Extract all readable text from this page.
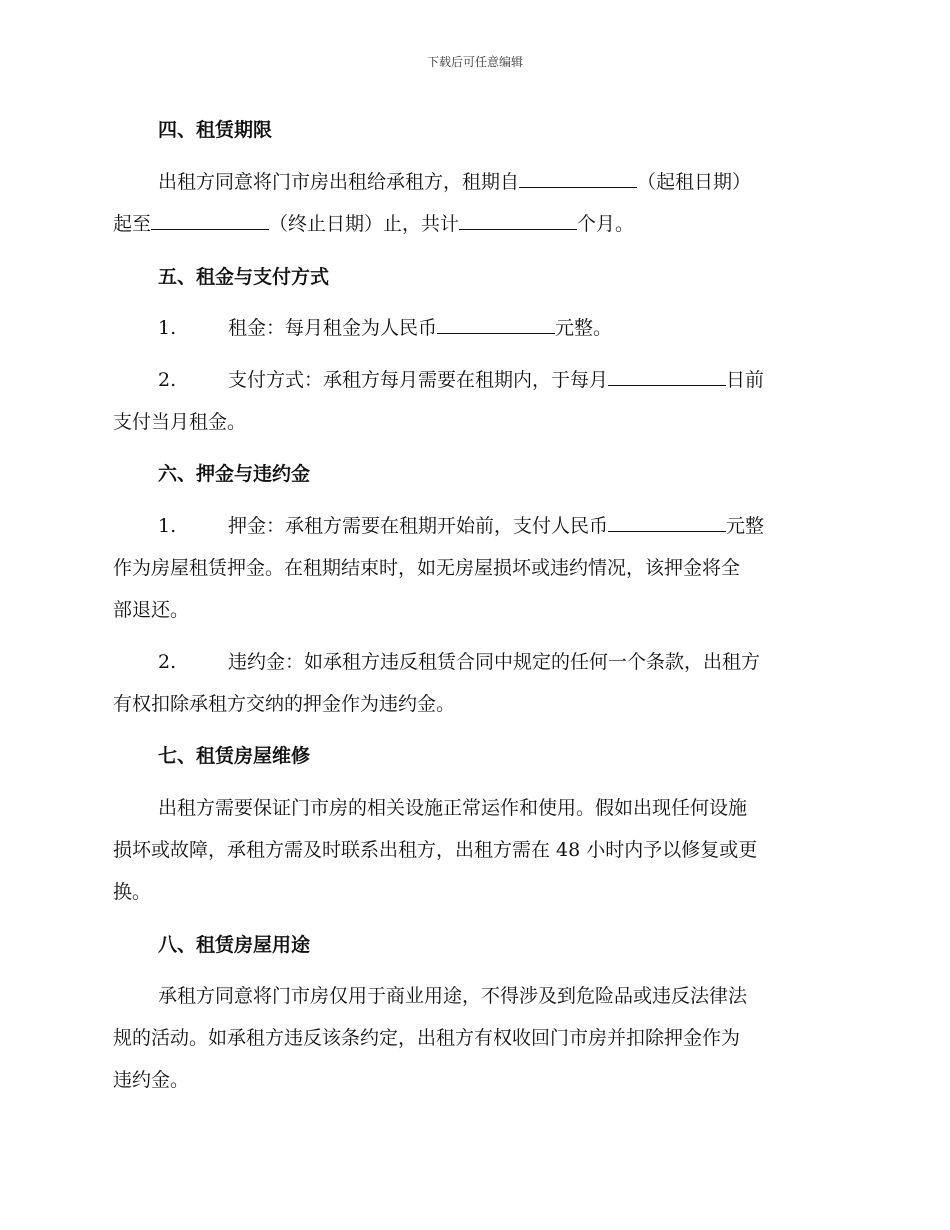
下载后可任意编辑
四、租赁期限

出租方同意将门市房出租给承租方，租期自	（起租日期）

起至	（终止日期）止，共计	个月。

五、租金与支付方式

1.	租金：每月租金为人民币	元整。

2.	支付方式：承租方每月需要在租期内，于每月	日前

支付当月租金。

六、押金与违约金

1.	押金：承租方需要在租期开始前，支付人民币	元整

作为房屋租赁押金。在租期结束时，如无房屋损坏或违约情况，该押金将全

部退还。

2.	违约金：如承租方违反租赁合同中规定的任何一个条款，出租方

有权扣除承租方交纳的押金作为违约金。

七、租赁房屋维修

出租方需要保证门市房的相关设施正常运作和使用。假如出现任何设施

损坏或故障，承租方需及时联系出租方，出租方需在 48 小时内予以修复或更

换。

八、租赁房屋用途

承租方同意将门市房仅用于商业用途，不得涉及到危险品或违反法律法

规的活动。如承租方违反该条约定，出租方有权收回门市房并扣除押金作为

违约金。
